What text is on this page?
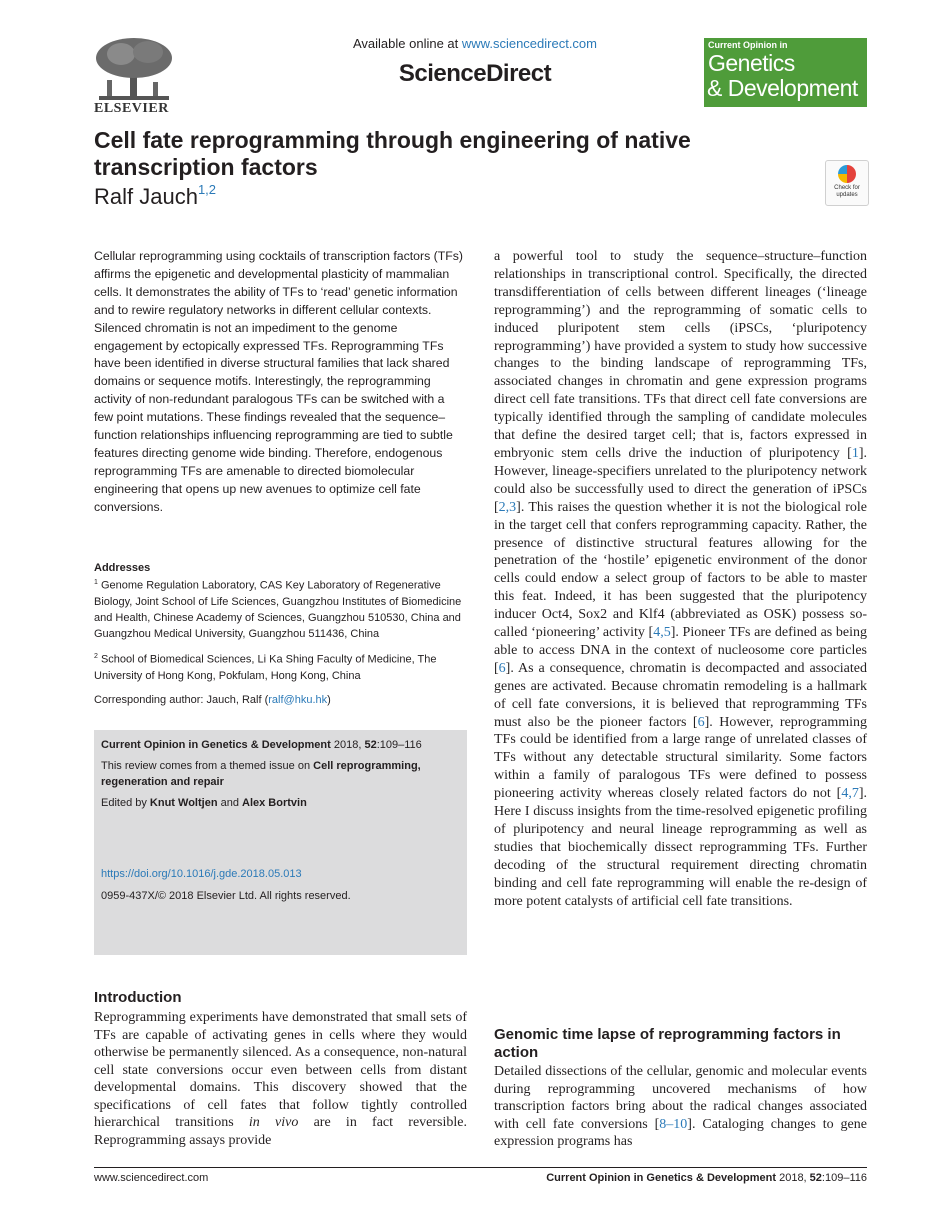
ELSEVIER
Available online at www.sciencedirect.com
ScienceDirect
Current Opinion in
Genetics
& Development
Cell fate reprogramming through engineering of native transcription factors
Ralf Jauch$^{1,2}$	Check for updates
Cellular reprogramming using cocktails of transcription factors (TFs) affirms the epigenetic and developmental plasticity of mammalian cells. It demonstrates the ability of TFs to ‘read’ genetic information and to rewire regulatory networks in different cellular contexts. Silenced chromatin is not an impediment to the genome engagement by ectopically expressed TFs. Reprogramming TFs have been identified in diverse structural families that lack shared domains or sequence motifs. Interestingly, the reprogramming activity of non-redundant paralogous TFs can be switched with a few point mutations. These findings revealed that the sequence–function relationships influencing reprogramming are tied to subtle features directing genome wide binding. Therefore, endogenous reprogramming TFs are amenable to directed biomolecular engineering that opens up new avenues to optimize cell fate conversions.
Addresses
$^1$ Genome Regulation Laboratory, CAS Key Laboratory of Regenerative Biology, Joint School of Life Sciences, Guangzhou Institutes of Biomedicine and Health, Chinese Academy of Sciences, Guangzhou 510530, China and Guangzhou Medical University, Guangzhou 511436, China
$^2$ School of Biomedical Sciences, Li Ka Shing Faculty of Medicine, The University of Hong Kong, Pokfulam, Hong Kong, China
Corresponding author: Jauch, Ralf (ralf@hku.hk)
Current Opinion in Genetics & Development 2018, 52:109–116
This review comes from a themed issue on Cell reprogramming, regeneration and repair
Edited by Knut Woltjen and Alex Bortvin
https://doi.org/10.1016/j.gde.2018.05.013
0959-437X/© 2018 Elsevier Ltd. All rights reserved.
Introduction
Reprogramming experiments have demonstrated that small sets of TFs are capable of activating genes in cells where they would otherwise be permanently silenced. As a consequence, non-natural cell state conversions occur even between cells from distant developmental domains. This discovery showed that the specifications of cell fates that follow tightly controlled hierarchical transitions in vivo are in fact reversible. Reprogramming assays provide
a powerful tool to study the sequence–structure–function relationships in transcriptional control. Specifically, the directed transdifferentiation of cells between different lineages (‘lineage reprogramming’) and the reprogramming of somatic cells to induced pluripotent stem cells (iPSCs, ‘pluripotency reprogramming’) have provided a system to study how successive changes to the binding landscape of reprogramming TFs, associated changes in chromatin and gene expression programs direct cell fate transitions. TFs that direct cell fate conversions are typically identified through the sampling of candidate molecules that define the desired target cell; that is, factors expressed in embryonic stem cells drive the induction of pluripotency [1]. However, lineage-specifiers unrelated to the pluripotency network could also be successfully used to direct the generation of iPSCs [2,3]. This raises the question whether it is not the biological role in the target cell that confers reprogramming capacity. Rather, the presence of distinctive structural features allowing for the penetration of the ‘hostile’ epigenetic environment of the donor cells could endow a select group of factors to be able to master this feat. Indeed, it has been suggested that the pluripotency inducer Oct4, Sox2 and Klf4 (abbreviated as OSK) possess so-called ‘pioneering’ activity [4,5]. Pioneer TFs are defined as being able to access DNA in the context of nucleosome core particles [6]. As a consequence, chromatin is decompacted and associated genes are activated. Because chromatin remodeling is a hallmark of cell fate conversions, it is believed that reprogramming TFs must also be the pioneer factors [6]. However, reprogramming TFs could be identified from a large range of unrelated classes of TFs without any detectable structural similarity. Some factors within a family of paralogous TFs were defined to possess pioneering activity whereas closely related factors do not [4,7]. Here I discuss insights from the time-resolved epigenetic profiling of pluripotency and neural lineage reprogramming as well as studies that biochemically dissect reprogramming TFs. Further decoding of the structural requirement directing chromatin binding and cell fate reprogramming will enable the re-design of more potent catalysts of artificial cell fate transitions.
Genomic time lapse of reprogramming factors in action
Detailed dissections of the cellular, genomic and molecular events during reprogramming uncovered mechanisms of how transcription factors bring about the radical changes associated with cell fate conversions [8–10]. Cataloging changes to gene expression programs has
www.sciencedirect.com	Current Opinion in Genetics & Development 2018, 52:109–116
